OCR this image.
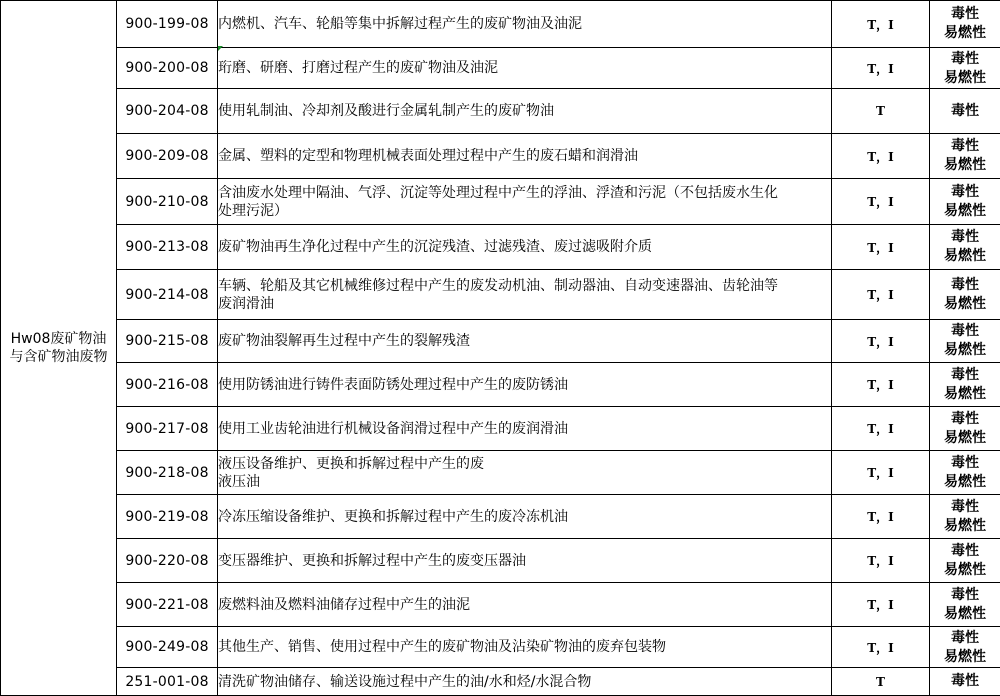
Hw08废矿物油
与含矿物油废物	900-199-08	内燃机、汽车、轮船等集中拆解过程产生的废矿物油及油泥	T，I	毒性
易燃性

	900-200-08	珩磨、研磨、打磨过程产生的废矿物油及油泥	T，I	毒性
易燃性

	900-204-08	使用轧制油、冷却剂及酸进行金属轧制产生的废矿物油	T	毒性

	900-209-08	金属、塑料的定型和物理机械表面处理过程中产生的废石蜡和润滑油	T，I	毒性
易燃性

	900-210-08	含油废水处理中隔油、气浮、沉淀等处理过程中产生的浮油、浮渣和污泥（不包括废水生化
处理污泥）	T，I	毒性
易燃性

	900-213-08	废矿物油再生净化过程中产生的沉淀残渣、过滤残渣、废过滤吸附介质	T，I	毒性
易燃性

	900-214-08	车辆、轮船及其它机械维修过程中产生的废发动机油、制动器油、自动变速器油、齿轮油等
废润滑油	T，I	毒性
易燃性

	900-215-08	废矿物油裂解再生过程中产生的裂解残渣	T，I	毒性
易燃性

	900-216-08	使用防锈油进行铸件表面防锈处理过程中产生的废防锈油	T，I	毒性
易燃性

	900-217-08	使用工业齿轮油进行机械设备润滑过程中产生的废润滑油	T，I	毒性
易燃性

	900-218-08	液压设备维护、更换和拆解过程中产生的废
液压油	T，I	毒性
易燃性

	900-219-08	冷冻压缩设备维护、更换和拆解过程中产生的废冷冻机油	T，I	毒性
易燃性

	900-220-08	变压器维护、更换和拆解过程中产生的废变压器油	T，I	毒性
易燃性

	900-221-08	废燃料油及燃料油储存过程中产生的油泥	T，I	毒性
易燃性

	900-249-08	其他生产、销售、使用过程中产生的废矿物油及沾染矿物油的废弃包装物	T，I	毒性
易燃性

	251-001-08	清洗矿物油储存、输送设施过程中产生的油/水和烃/水混合物	T	毒性
